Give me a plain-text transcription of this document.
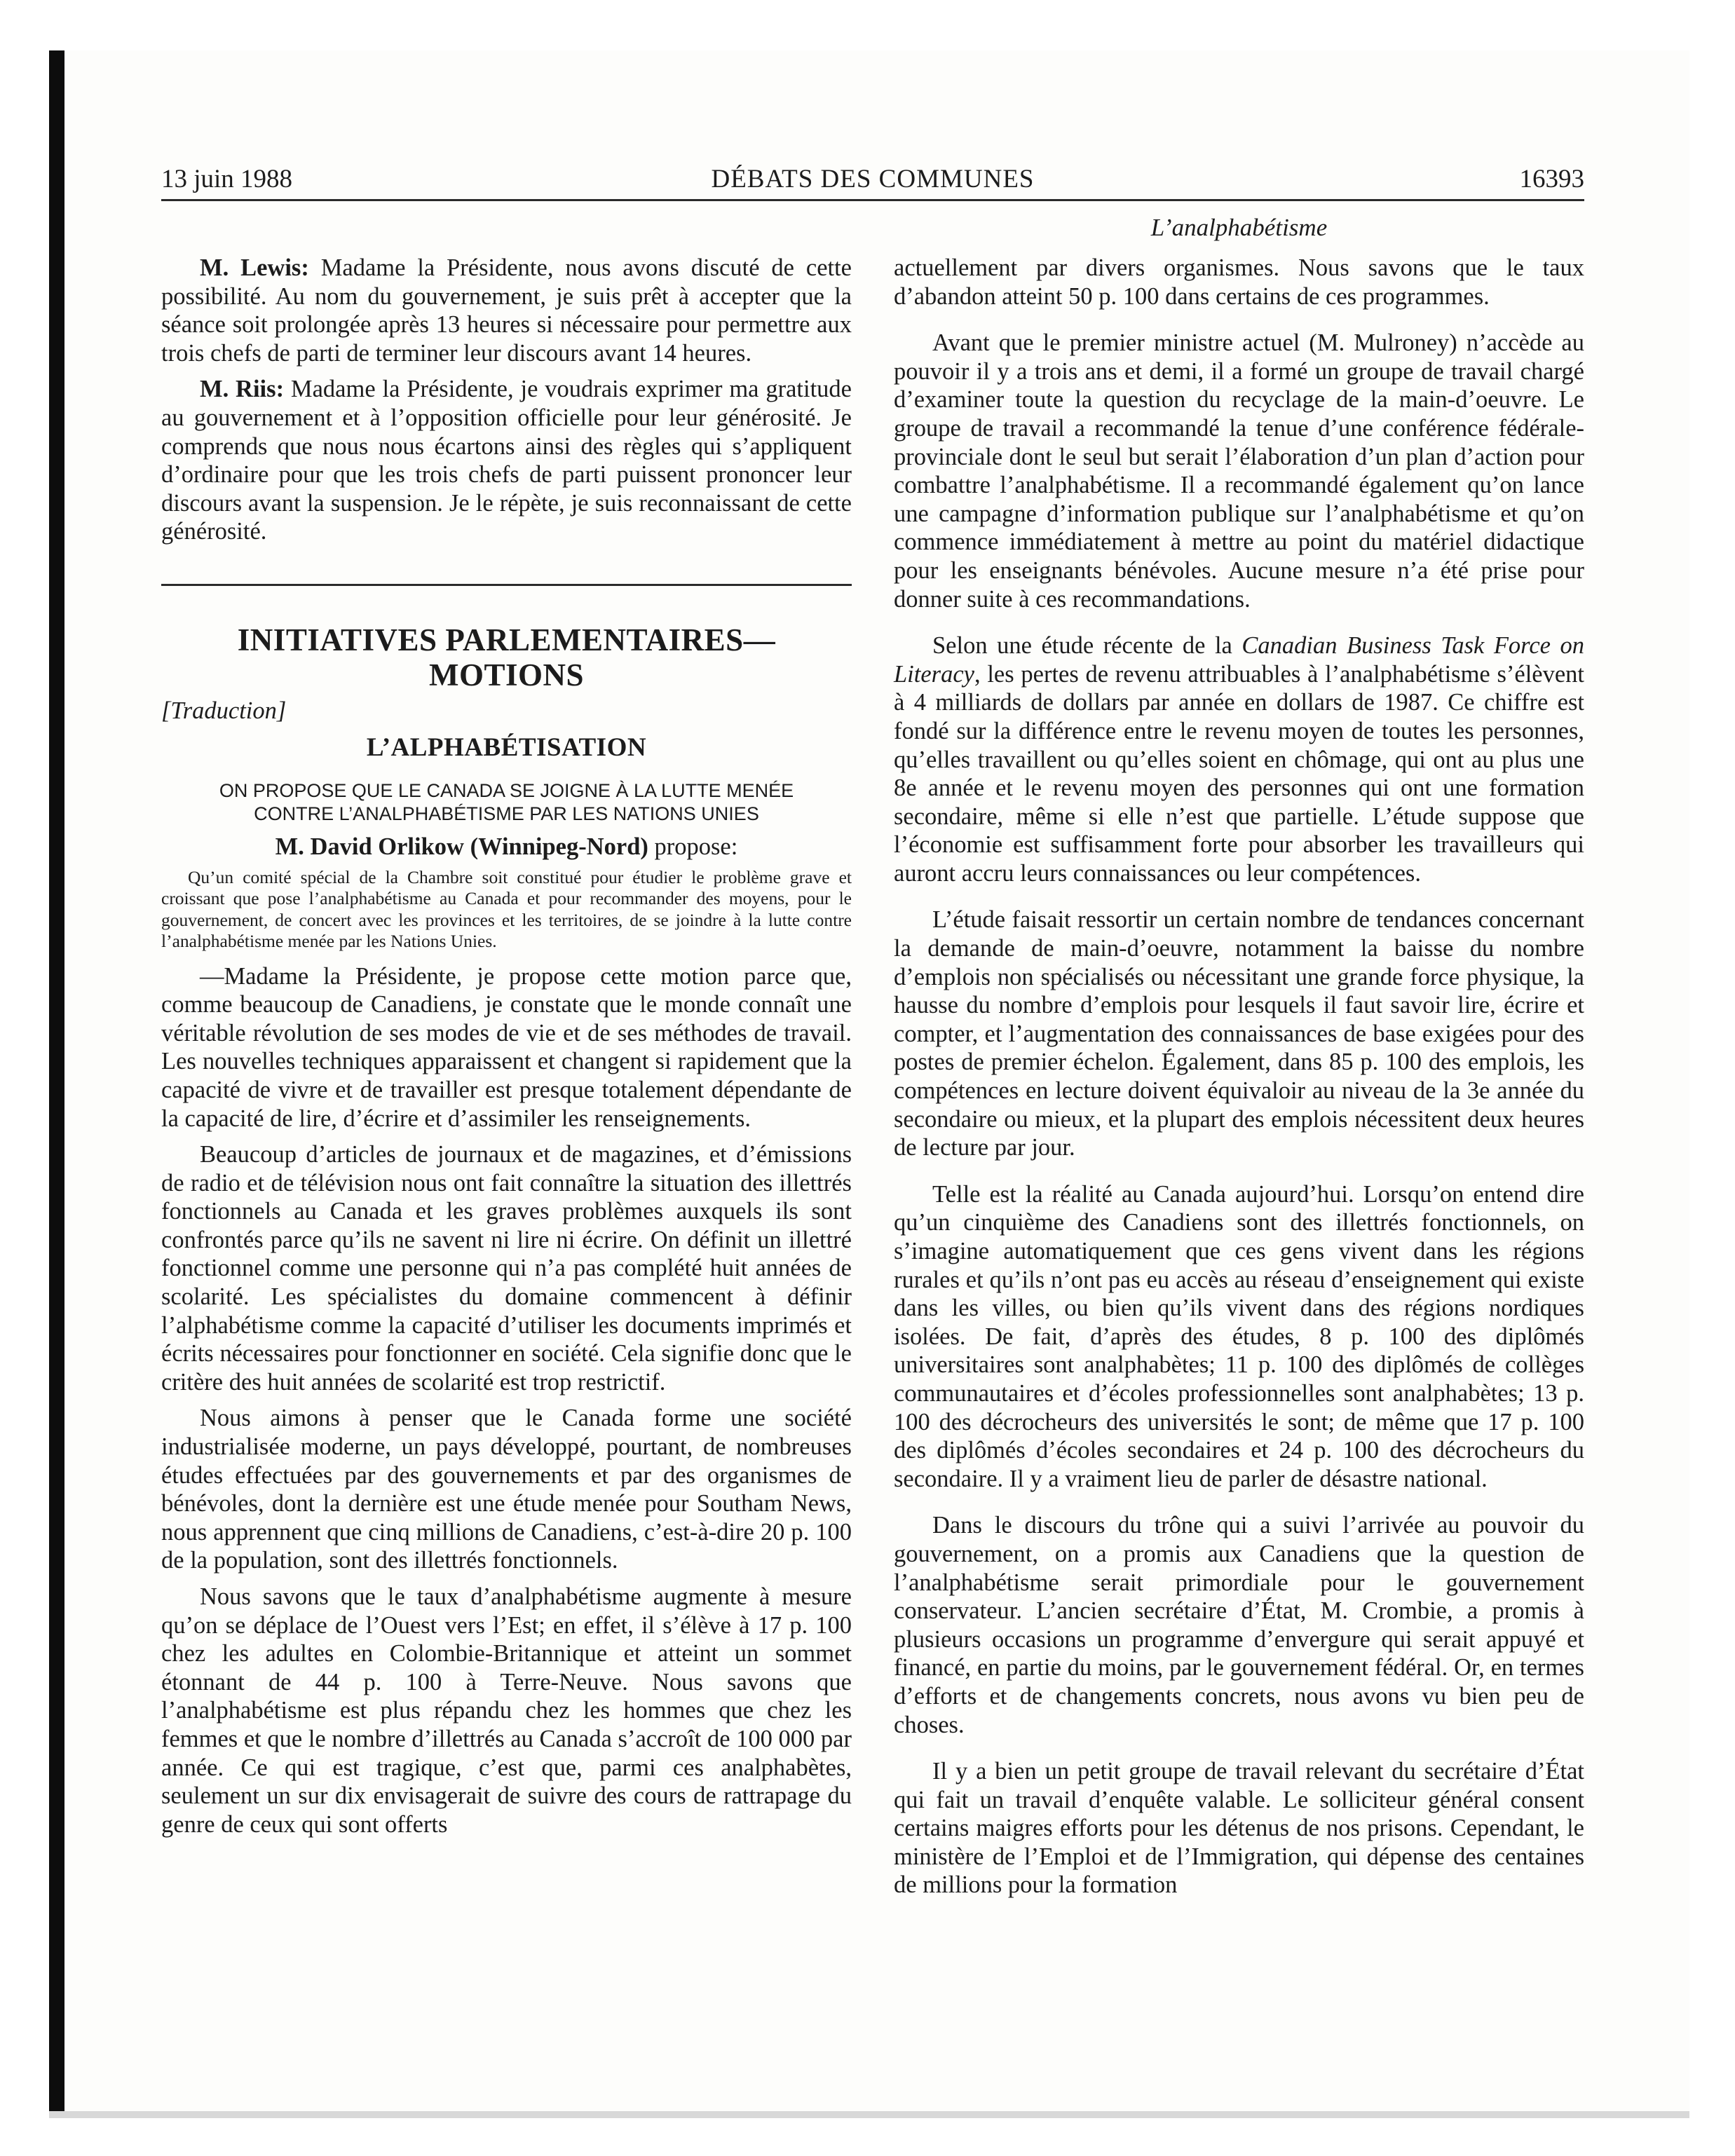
13 juin 1988	DÉBATS DES COMMUNES	16393
L’analphabétisme

M. Lewis: Madame la Présidente, nous avons discuté de cette possibilité. Au nom du gouvernement, je suis prêt à accepter que la séance soit prolongée après 13 heures si nécessaire pour permettre aux trois chefs de parti de terminer leur discours avant 14 heures.

M. Riis: Madame la Présidente, je voudrais exprimer ma gratitude au gouvernement et à l’opposition officielle pour leur générosité. Je comprends que nous nous écartons ainsi des règles qui s’appliquent d’ordinaire pour que les trois chefs de parti puissent prononcer leur discours avant la suspension. Je le répète, je suis reconnaissant de cette générosité.

INITIATIVES PARLEMENTAIRES—
MOTIONS
[Traduction]
L’ALPHABÉTISATION
ON PROPOSE QUE LE CANADA SE JOIGNE À LA LUTTE MENÉE
CONTRE L’ANALPHABÉTISME PAR LES NATIONS UNIES
M. David Orlikow (Winnipeg-Nord) propose:

Qu’un comité spécial de la Chambre soit constitué pour étudier le problème grave et croissant que pose l’analphabétisme au Canada et pour recommander des moyens, pour le gouvernement, de concert avec les provinces et les territoires, de se joindre à la lutte contre l’analphabétisme menée par les Nations Unies.

—Madame la Présidente, je propose cette motion parce que, comme beaucoup de Canadiens, je constate que le monde connaît une véritable révolution de ses modes de vie et de ses méthodes de travail. Les nouvelles techniques apparaissent et changent si rapidement que la capacité de vivre et de travailler est presque totalement dépendante de la capacité de lire, d’écrire et d’assimiler les renseignements.

Beaucoup d’articles de journaux et de magazines, et d’émissions de radio et de télévision nous ont fait connaître la situation des illettrés fonctionnels au Canada et les graves problèmes auxquels ils sont confrontés parce qu’ils ne savent ni lire ni écrire. On définit un illettré fonctionnel comme une personne qui n’a pas complété huit années de scolarité. Les spécialistes du domaine commencent à définir l’alphabétisme comme la capacité d’utiliser les documents imprimés et écrits nécessaires pour fonctionner en société. Cela signifie donc que le critère des huit années de scolarité est trop restrictif.

Nous aimons à penser que le Canada forme une société industrialisée moderne, un pays développé, pourtant, de nombreuses études effectuées par des gouvernements et par des organismes de bénévoles, dont la dernière est une étude menée pour Southam News, nous apprennent que cinq millions de Canadiens, c’est-à-dire 20 p. 100 de la population, sont des illettrés fonctionnels.

Nous savons que le taux d’analphabétisme augmente à mesure qu’on se déplace de l’Ouest vers l’Est; en effet, il s’élève à 17 p. 100 chez les adultes en Colombie-Britannique et atteint un sommet étonnant de 44 p. 100 à Terre-Neuve. Nous savons que l’analphabétisme est plus répandu chez les hommes que chez les femmes et que le nombre d’illettrés au Canada s’accroît de 100 000 par année. Ce qui est tragique, c’est que, parmi ces analphabètes, seulement un sur dix envisagerait de suivre des cours de rattrapage du genre de ceux qui sont offerts

actuellement par divers organismes. Nous savons que le taux d’abandon atteint 50 p. 100 dans certains de ces programmes.

Avant que le premier ministre actuel (M. Mulroney) n’accède au pouvoir il y a trois ans et demi, il a formé un groupe de travail chargé d’examiner toute la question du recyclage de la main-d’oeuvre. Le groupe de travail a recommandé la tenue d’une conférence fédérale-provinciale dont le seul but serait l’élaboration d’un plan d’action pour combattre l’analphabétisme. Il a recommandé également qu’on lance une campagne d’information publique sur l’analphabétisme et qu’on commence immédiatement à mettre au point du matériel didactique pour les enseignants bénévoles. Aucune mesure n’a été prise pour donner suite à ces recommandations.

Selon une étude récente de la Canadian Business Task Force on Literacy, les pertes de revenu attribuables à l’analphabétisme s’élèvent à 4 milliards de dollars par année en dollars de 1987. Ce chiffre est fondé sur la différence entre le revenu moyen de toutes les personnes, qu’elles travaillent ou qu’elles soient en chômage, qui ont au plus une 8e année et le revenu moyen des personnes qui ont une formation secondaire, même si elle n’est que partielle. L’étude suppose que l’économie est suffisamment forte pour absorber les travailleurs qui auront accru leurs connaissances ou leur compétences.

L’étude faisait ressortir un certain nombre de tendances concernant la demande de main-d’oeuvre, notamment la baisse du nombre d’emplois non spécialisés ou nécessitant une grande force physique, la hausse du nombre d’emplois pour lesquels il faut savoir lire, écrire et compter, et l’augmentation des connaissances de base exigées pour des postes de premier échelon. Également, dans 85 p. 100 des emplois, les compétences en lecture doivent équivaloir au niveau de la 3e année du secondaire ou mieux, et la plupart des emplois nécessitent deux heures de lecture par jour.

Telle est la réalité au Canada aujourd’hui. Lorsqu’on entend dire qu’un cinquième des Canadiens sont des illettrés fonctionnels, on s’imagine automatiquement que ces gens vivent dans les régions rurales et qu’ils n’ont pas eu accès au réseau d’enseignement qui existe dans les villes, ou bien qu’ils vivent dans des régions nordiques isolées. De fait, d’après des études, 8 p. 100 des diplômés universitaires sont analphabètes; 11 p. 100 des diplômés de collèges communautaires et d’écoles professionnelles sont analphabètes; 13 p. 100 des décrocheurs des universités le sont; de même que 17 p. 100 des diplômés d’écoles secondaires et 24 p. 100 des décrocheurs du secondaire. Il y a vraiment lieu de parler de désastre national.

Dans le discours du trône qui a suivi l’arrivée au pouvoir du gouvernement, on a promis aux Canadiens que la question de l’analphabétisme serait primordiale pour le gouvernement conservateur. L’ancien secrétaire d’État, M. Crombie, a promis à plusieurs occasions un programme d’envergure qui serait appuyé et financé, en partie du moins, par le gouvernement fédéral. Or, en termes d’efforts et de changements concrets, nous avons vu bien peu de choses.

Il y a bien un petit groupe de travail relevant du secrétaire d’État qui fait un travail d’enquête valable. Le solliciteur général consent certains maigres efforts pour les détenus de nos prisons. Cependant, le ministère de l’Emploi et de l’Immigration, qui dépense des centaines de millions pour la formation
